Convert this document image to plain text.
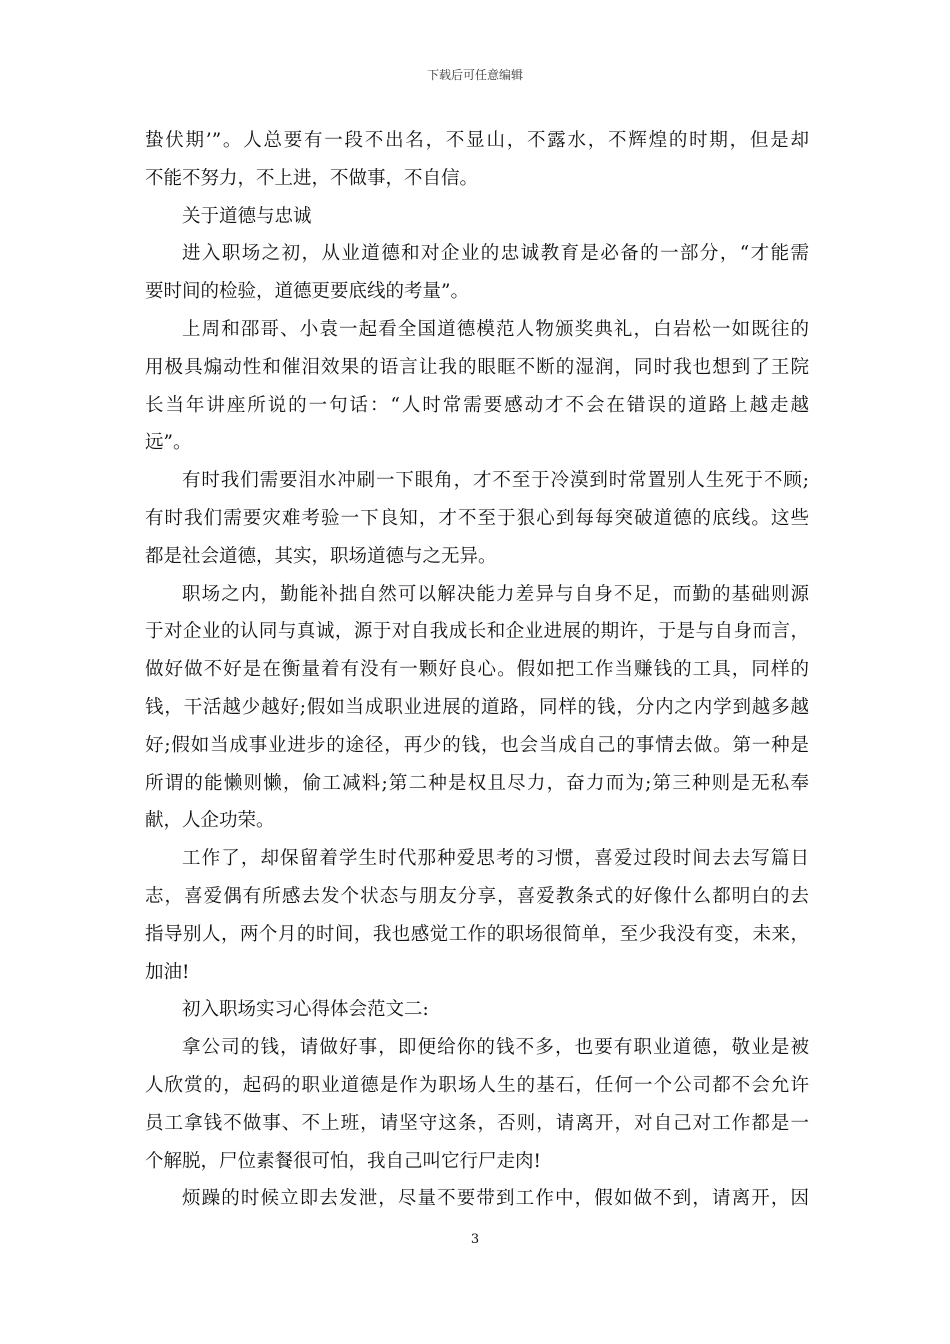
下载后可任意编辑
蛰伏期’”。人总要有一段不出名，不显山，不露水，不辉煌的时期，但是却
不能不努力，不上进，不做事，不自信。
关于道德与忠诚
进入职场之初，从业道德和对企业的忠诚教育是必备的一部分，“才能需
要时间的检验，道德更要底线的考量”。
上周和邵哥、小袁一起看全国道德模范人物颁奖典礼，白岩松一如既往的
用极具煽动性和催泪效果的语言让我的眼眶不断的湿润，同时我也想到了王院
长当年讲座所说的一句话：“人时常需要感动才不会在错误的道路上越走越
远”。
有时我们需要泪水冲刷一下眼角，才不至于冷漠到时常置别人生死于不顾;
有时我们需要灾难考验一下良知，才不至于狠心到每每突破道德的底线。这些
都是社会道德，其实，职场道德与之无异。
职场之内，勤能补拙自然可以解决能力差异与自身不足，而勤的基础则源
于对企业的认同与真诚，源于对自我成长和企业进展的期许，于是与自身而言，
做好做不好是在衡量着有没有一颗好良心。假如把工作当赚钱的工具，同样的
钱，干活越少越好;假如当成职业进展的道路，同样的钱，分内之内学到越多越
好;假如当成事业进步的途径，再少的钱，也会当成自己的事情去做。第一种是
所谓的能懒则懒，偷工减料;第二种是权且尽力，奋力而为;第三种则是无私奉
献，人企功荣。
工作了，却保留着学生时代那种爱思考的习惯，喜爱过段时间去去写篇日
志，喜爱偶有所感去发个状态与朋友分享，喜爱教条式的好像什么都明白的去
指导别人，两个月的时间，我也感觉工作的职场很简单，至少我没有变，未来，
加油!
初入职场实习心得体会范文二:
拿公司的钱，请做好事，即便给你的钱不多，也要有职业道德，敬业是被
人欣赏的，起码的职业道德是作为职场人生的基石，任何一个公司都不会允许
员工拿钱不做事、不上班，请坚守这条，否则，请离开，对自己对工作都是一
个解脱，尸位素餐很可怕，我自己叫它行尸走肉!
烦躁的时候立即去发泄，尽量不要带到工作中，假如做不到，请离开，因
3
